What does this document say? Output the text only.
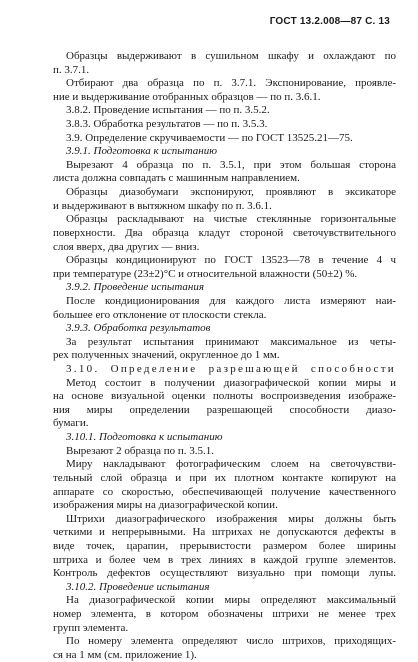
ГОСТ 13.2.008—87 С. 13
Образцы выдерживают в сушильном шкафу и охлаждают по
п. 3.7.1.
Отбирают два образца по п. 3.7.1. Экспонирование, проявле-
ние и выдерживание отобранных образцов — по п. 3.6.1.
3.8.2. Проведение испытания — по п. 3.5.2.
3.8.3. Обработка результатов — по п. 3.5.3.
3.9. Определение скручиваемости — по ГОСТ 13525.21—75.
3.9.1. Подготовка к испытанию
Вырезают 4 образца по п. 3.5.1, при этом большая сторона
листа должна совпадать с машинным направлением.
Образцы диазобумаги экспонируют, проявляют в эксикаторе
и выдерживают в вытяжном шкафу по п. 3.6.1.
Образцы раскладывают на чистые стеклянные горизонтальные
поверхности. Два образца кладут стороной светочувствительного
слоя вверх, два других — вниз.
Образцы кондиционируют по ГОСТ 13523—78 в течение 4 ч
при температуре (23±2)°С и относительной влажности (50±2) %.
3.9.2. Проведение испытания
После кондиционирования для каждого листа измеряют наи-
большее его отклонение от плоскости стекла.
3.9.3. Обработка результатов
За результат испытания принимают максимальное из четы-
рех полученных значений, округленное до 1 мм.
3.10. Определение разрешающей способности
Метод состоит в получении диазографической копии миры и
на основе визуальной оценки полноты воспроизведения изображе-
ния миры определении разрешающей способности диазо-
бумаги.
3.10.1. Подготовка к испытанию
Вырезают 2 образца по п. 3.5.1.
Миру накладывают фотографическим слоем на светочувстви-
тельный слой образца и при их плотном контакте копируют на
аппарате со скоростью, обеспечивающей получение качественного
изображения миры на диазографической копии.
Штрихи диазографического изображения миры должны быть
четкими и непрерывными. На штрихах не допускаются дефекты в
виде точек, царапин, прерывистости размером более ширины
штриха и более чем в трех линиях в каждой группе элементов.
Контроль дефектов осуществляют визуально при помощи лупы.
3.10.2. Проведение испытания
На диазографической копии миры определяют максимальный
номер элемента, в котором обозначены штрихи не менее трех
групп элемента.
По номеру элемента определяют число штрихов, приходящих-
ся на 1 мм (см. приложение 1).
